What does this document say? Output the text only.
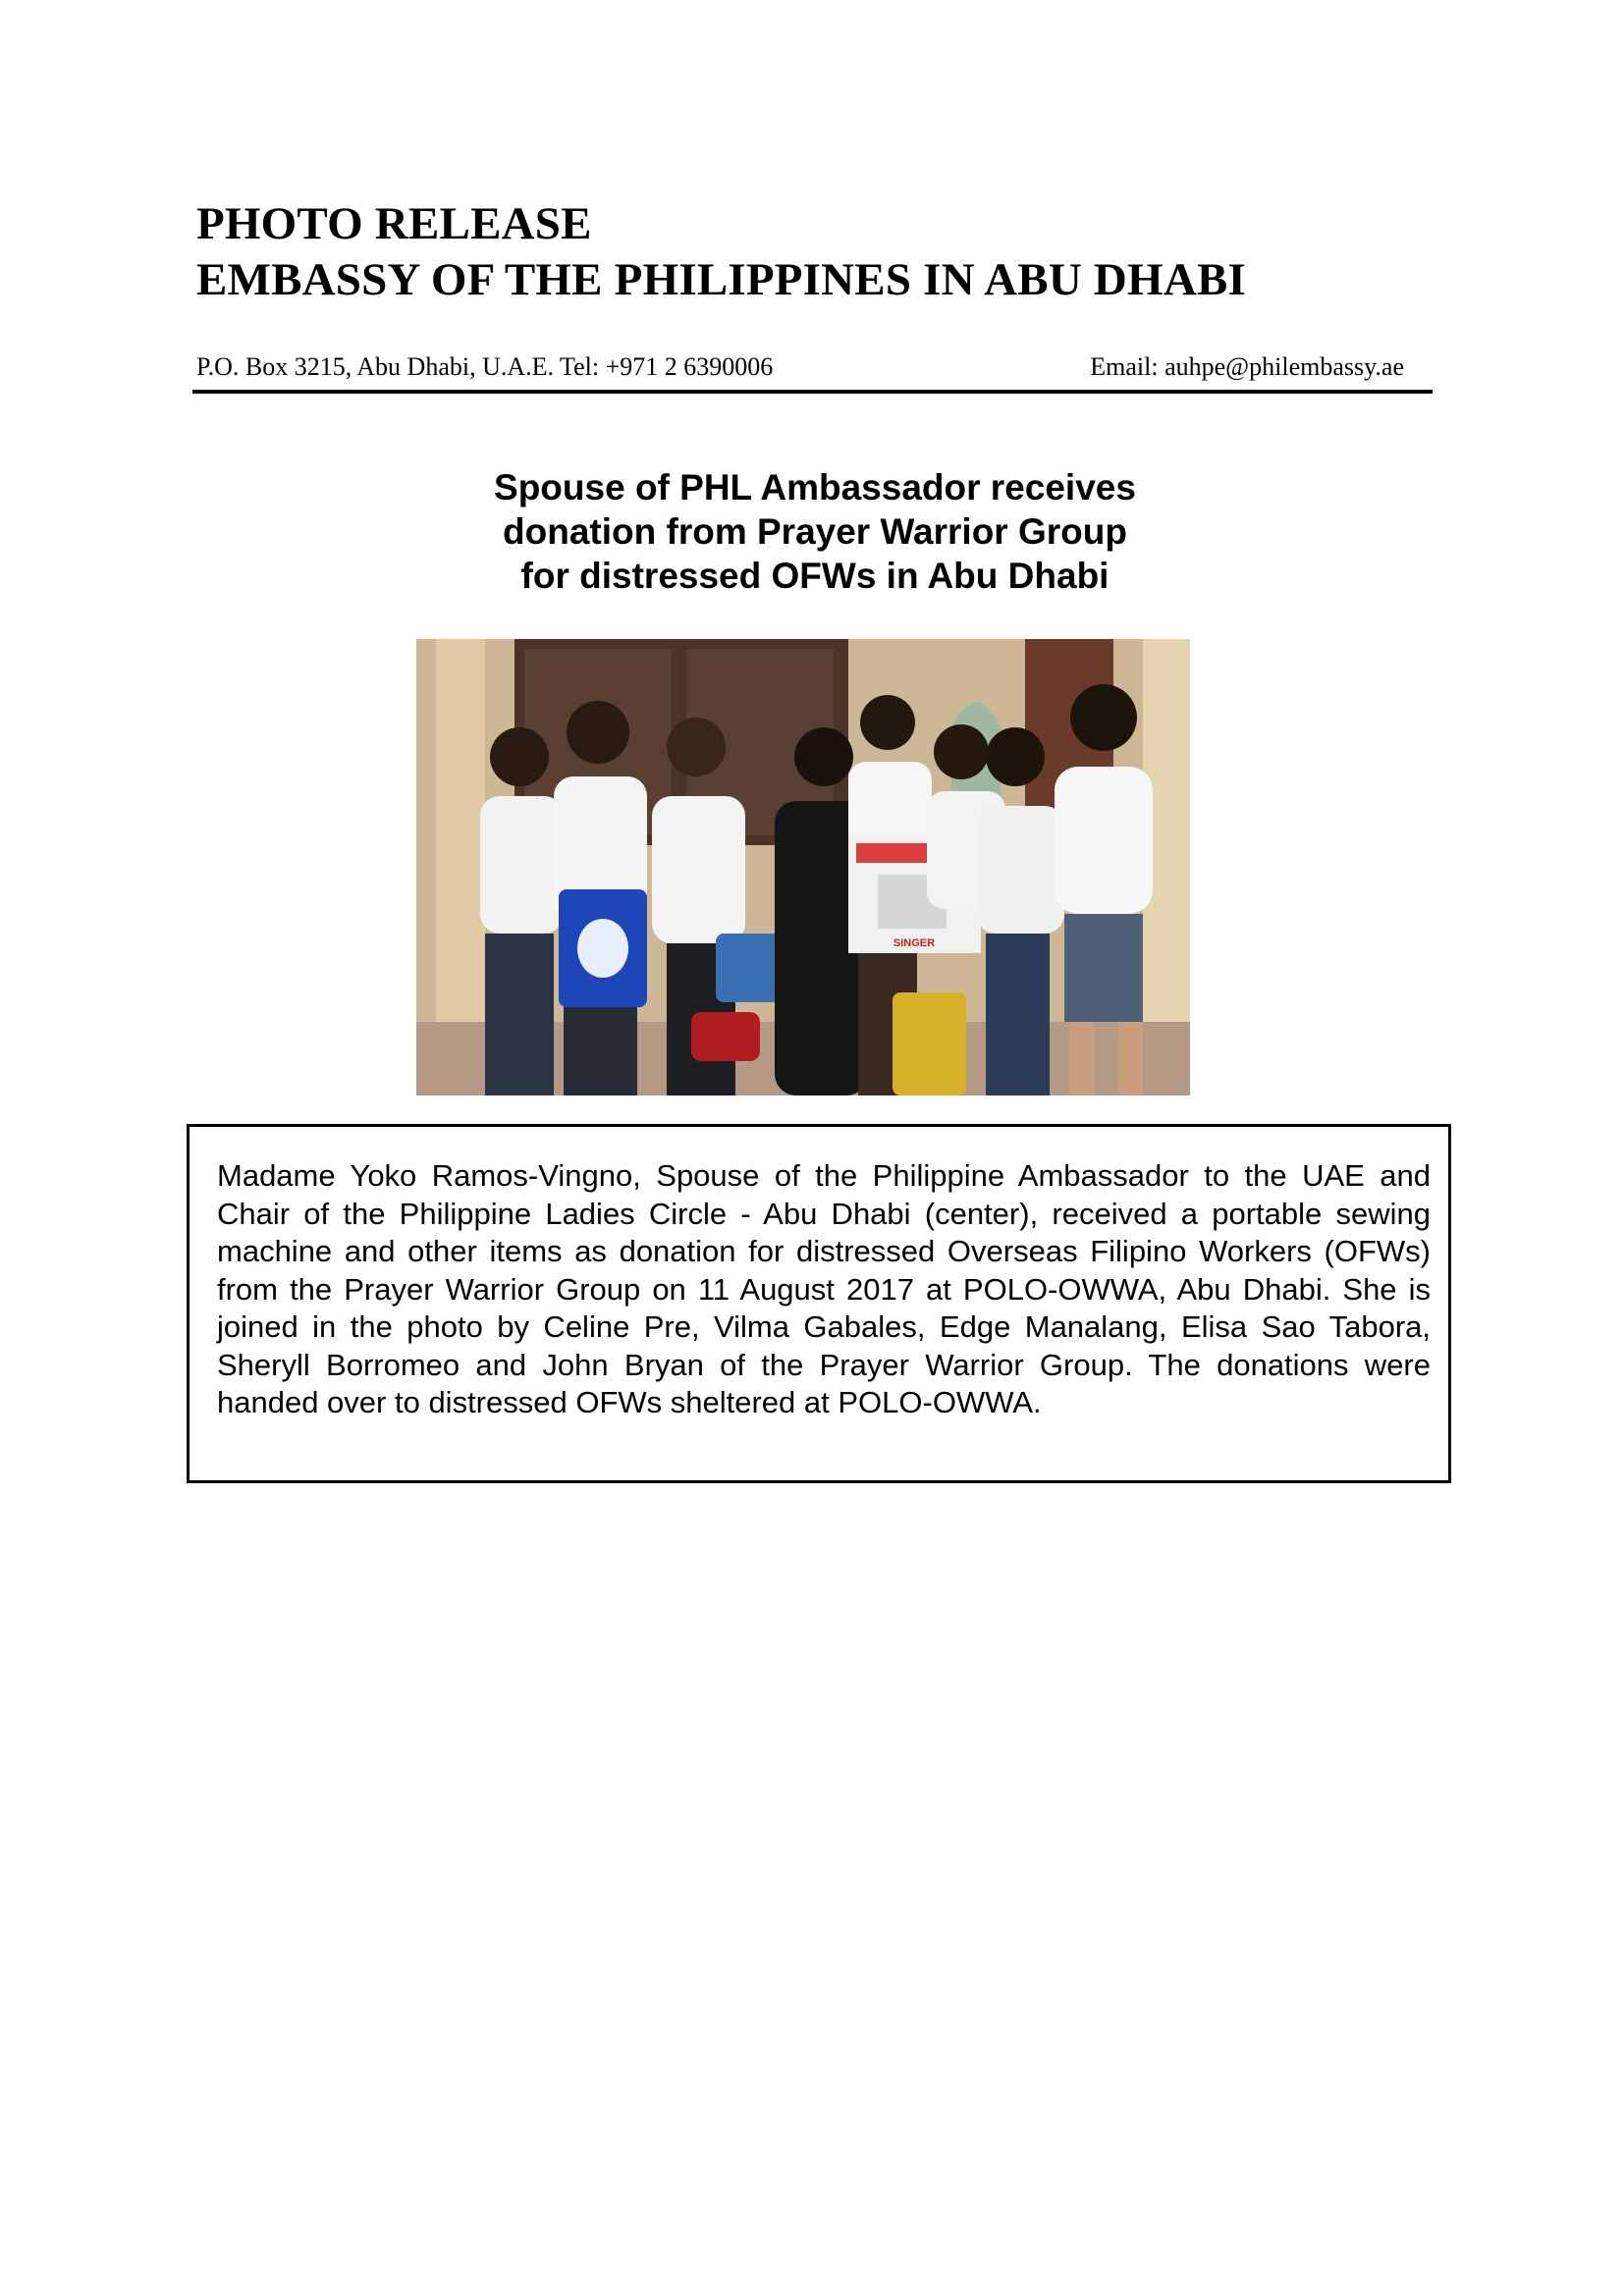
PHOTO RELEASE
EMBASSY OF THE PHILIPPINES IN ABU DHABI
P.O. Box 3215, Abu Dhabi, U.A.E. Tel: +971 2 6390006	Email: auhpe@philembassy.ae
Spouse of PHL Ambassador receives
donation from Prayer Warrior Group
for distressed OFWs in Abu Dhabi
SINGER
Madame Yoko Ramos-Vingno, Spouse of the Philippine Ambassador to the UAE and Chair of the Philippine Ladies Circle - Abu Dhabi (center), received a portable sewing machine and other items as donation for distressed Overseas Filipino Workers (OFWs) from the Prayer Warrior Group on 11 August 2017 at POLO-OWWA, Abu Dhabi. She is joined in the photo by Celine Pre, Vilma Gabales, Edge Manalang, Elisa Sao Tabora, Sheryll Borromeo and John Bryan of the Prayer Warrior Group. The donations were handed over to distressed OFWs sheltered at POLO-OWWA.
